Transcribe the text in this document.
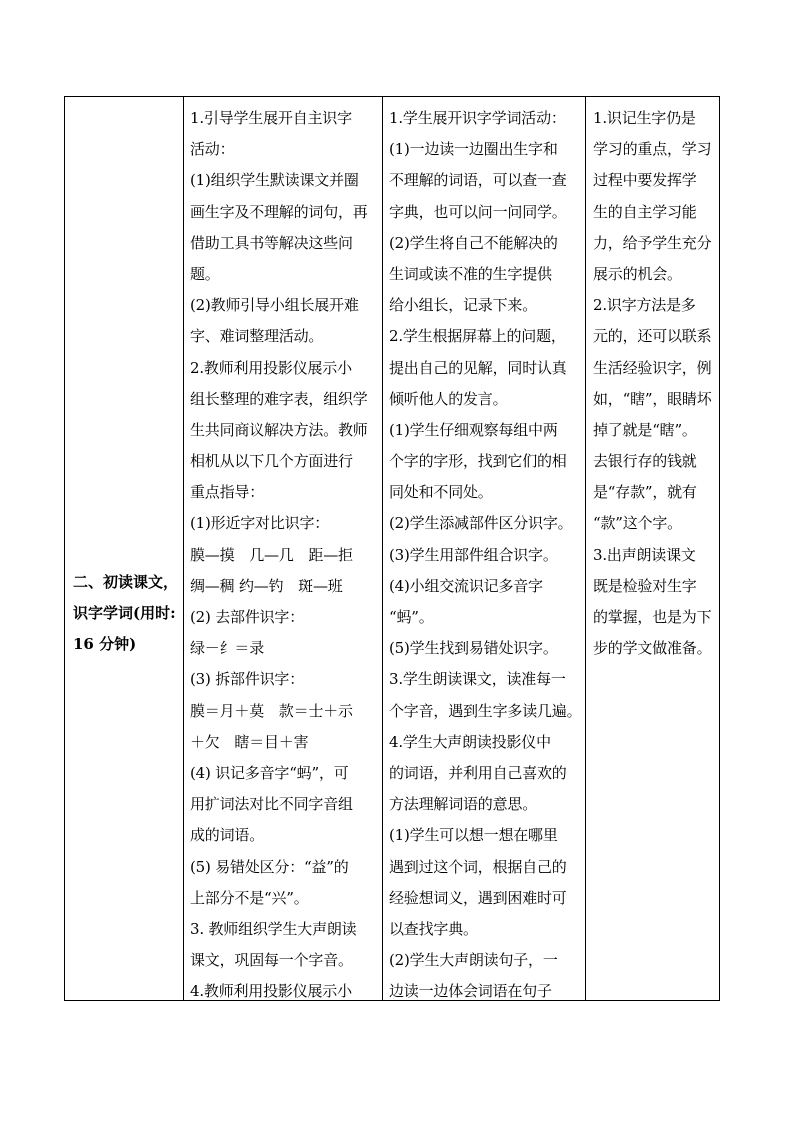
二、初读课文，
识字学词(用时:
16 分钟)
1.引导学生展开自主识字
活动：
(1)组织学生默读课文并圈
画生字及不理解的词句，再
借助工具书等解决这些问
题。
(2)教师引导小组长展开难
字、难词整理活动。
2.教师利用投影仪展示小
组长整理的难字表，组织学
生共同商议解决方法。教师
相机从以下几个方面进行
重点指导：
(1)形近字对比识字：
膜—摸　几—几　距—拒
绸—稠 约—钓　斑—班
(2) 去部件识字：
绿－纟＝录
(3) 拆部件识字：
膜＝月＋莫　款＝士＋示
＋欠　瞎＝目＋害
(4) 识记多音字“蚂”，可
用扩词法对比不同字音组
成的词语。
(5) 易错处区分：“益”的
上部分不是“兴”。
3. 教师组织学生大声朗读
课文，巩固每一个字音。
4.教师利用投影仪展示小
1.学生展开识字学词活动：
(1)一边读一边圈出生字和
不理解的词语，可以查一查
字典，也可以问一问同学。
(2)学生将自己不能解决的
生词或读不准的生字提供
给小组长，记录下来。
2.学生根据屏幕上的问题，
提出自己的见解，同时认真
倾听他人的发言。
(1)学生仔细观察每组中两
个字的字形，找到它们的相
同处和不同处。
(2)学生添减部件区分识字。
(3)学生用部件组合识字。
(4)小组交流识记多音字
“蚂”。
(5)学生找到易错处识字。
3.学生朗读课文，读准每一
个字音，遇到生字多读几遍。
4.学生大声朗读投影仪中
的词语，并利用自己喜欢的
方法理解词语的意思。
(1)学生可以想一想在哪里
遇到过这个词，根据自己的
经验想词义，遇到困难时可
以查找字典。
(2)学生大声朗读句子，一
边读一边体会词语在句子
1.识记生字仍是
学习的重点，学习
过程中要发挥学
生的自主学习能
力，给予学生充分
展示的机会。
2.识字方法是多
元的，还可以联系
生活经验识字，例
如，“瞎”，眼睛坏
掉了就是“瞎”。
去银行存的钱就
是“存款”，就有
“款”这个字。
3.出声朗读课文
既是检验对生字
的掌握，也是为下
步的学文做准备。
